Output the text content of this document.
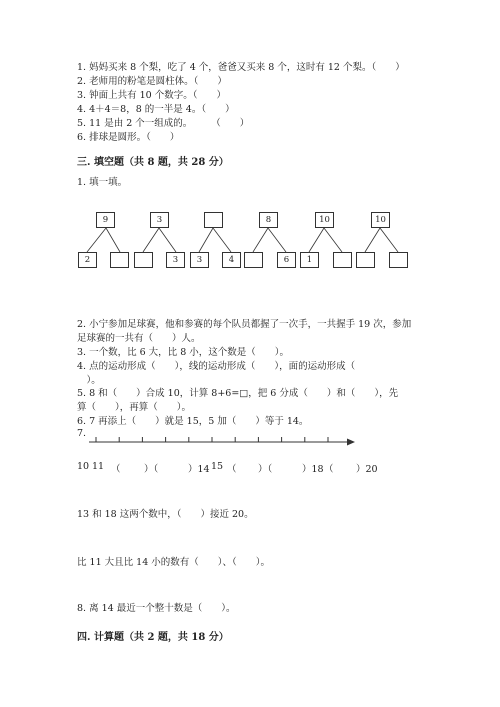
1. 妈妈买来 8 个梨，吃了 4 个，爸爸又买来 8 个，这时有 12 个梨。（　　）
2. 老师用的粉笔是圆柱体。（　　）
3. 钟面上共有 10 个数字。（　　）
4. 4＋4＝8，8 的一半是 4。（　　）
5. 11 是由 2 个一组成的。　　　（　　）
6. 排球是圆形。（　　）
三. 填空题（共 8 题，共 28 分）
1. 填一填。
9
2
3
3	3	4
8
6
10
1
10
2. 小宁参加足球赛，他和参赛的每个队员都握了一次手，一共握手 19 次，参加
足球赛的一共有（　　）人。
3. 一个数，比 6 大，比 8 小，这个数是（　　）。
4. 点的运动形成（　　），线的运动形成（　　），面的运动形成（
　）。
5. 8 和（　　）合成 10，计算 8+6=□，把 6 分成（　　）和（　　），先
算（　　），再算（　　）。
6. 7 再添上（　　）就是 15，5 加（　　）等于 14。
7.
10 11 （ ）（	）14 15 （ ）（	）18 （ ）20
13 和 18 这两个数中，（　　）接近 20。
比 11 大且比 14 小的数有（　　）、（　　）。
8. 离 14 最近一个整十数是（　　）。
四. 计算题（共 2 题，共 18 分）
